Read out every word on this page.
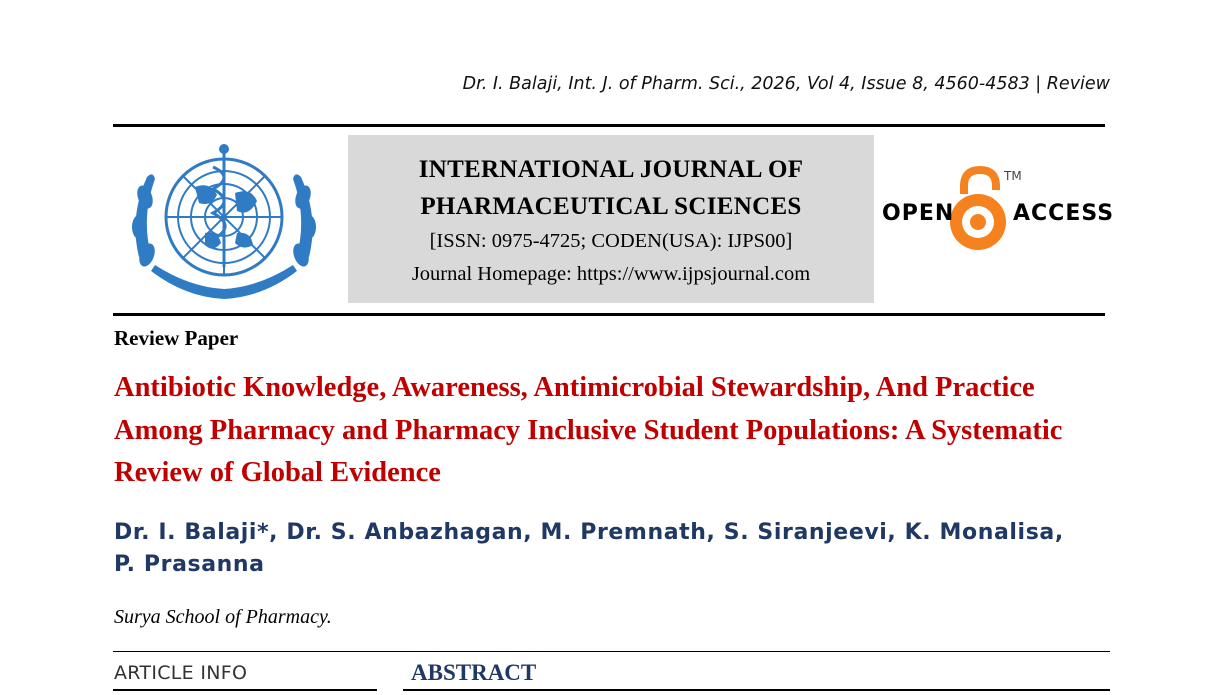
Dr. I. Balaji, Int. J. of Pharm. Sci., 2026, Vol 4, Issue 8, 4560-4583 | Review
INTERNATIONAL JOURNAL OF
PHARMACEUTICAL SCIENCES
[ISSN: 0975-4725; CODEN(USA): IJPS00]
Journal Homepage: https://www.ijpsjournal.com
OPEN	ACCESS
TM
Review Paper
Antibiotic Knowledge, Awareness, Antimicrobial Stewardship, And Practice Among Pharmacy and Pharmacy Inclusive Student Populations: A Systematic Review of Global Evidence
Dr. I. Balaji*, Dr. S. Anbazhagan, M. Premnath, S. Siranjeevi, K. Monalisa, P. Prasanna
Surya School of Pharmacy.
ARTICLE INFO	ABSTRACT
